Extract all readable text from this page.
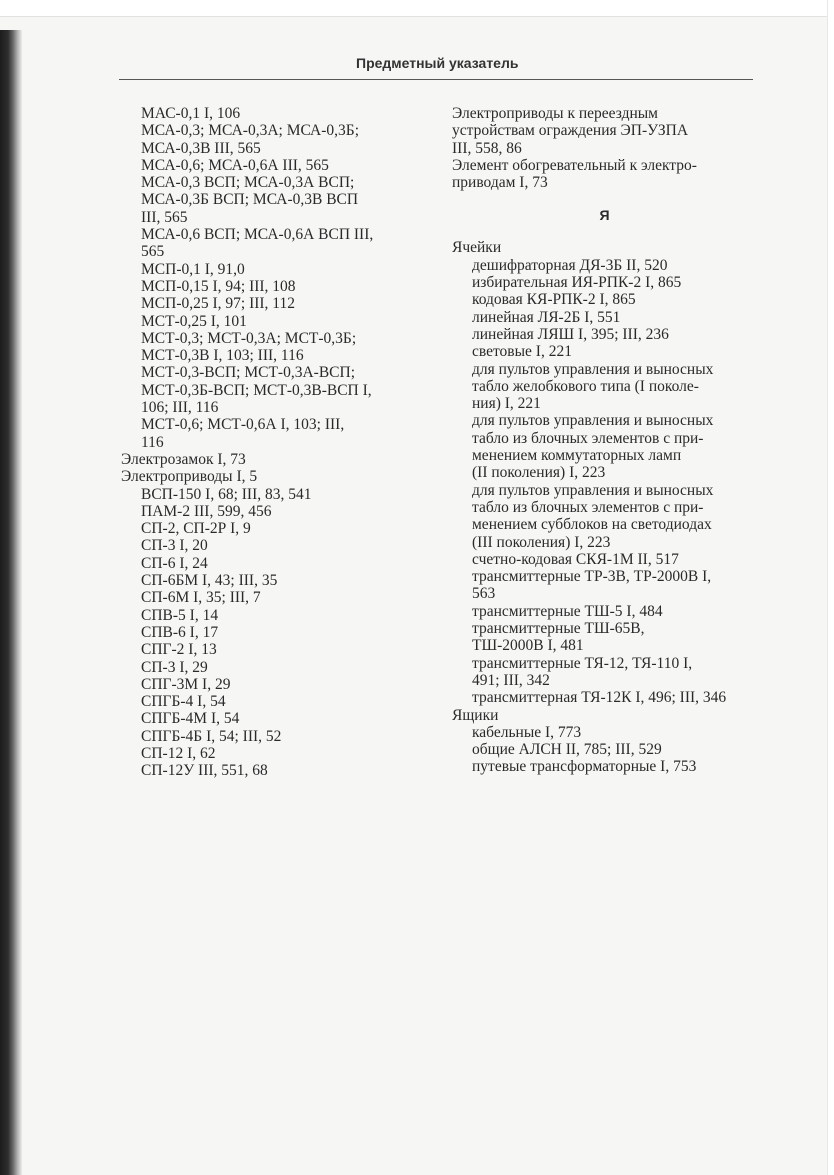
Предметный указатель
МАС-0,1 I, 106
МСА-0,3; МСА-0,3А; МСА-0,3Б;
МСА-0,3В III, 565
МСА-0,6; МСА-0,6А III, 565
МСА-0,3 ВСП; МСА-0,3А ВСП;
МСА-0,3Б ВСП; МСА-0,3В ВСП
III, 565
МСА-0,6 ВСП; МСА-0,6А ВСП III,
565
МСП-0,1 I, 91,0
МСП-0,15 I, 94; III, 108
МСП-0,25 I, 97; III, 112
МСТ-0,25 I, 101
МСТ-0,3; МСТ-0,3А; МСТ-0,3Б;
МСТ-0,3В I, 103; III, 116
МСТ-0,3-ВСП; МСТ-0,3А-ВСП;
МСТ-0,3Б-ВСП; МСТ-0,3В-ВСП I,
106; III, 116
МСТ-0,6; МСТ-0,6А I, 103; III,
116
Электрозамок I, 73
Электроприводы I, 5
ВСП-150 I, 68; III, 83, 541
ПАМ-2 III, 599, 456
СП-2, СП-2Р I, 9
СП-3 I, 20
СП-6 I, 24
СП-6БМ I, 43; III, 35
СП-6М I, 35; III, 7
СПВ-5 I, 14
СПВ-6 I, 17
СПГ-2 I, 13
СП-3 I, 29
СПГ-3М I, 29
СПГБ-4 I, 54
СПГБ-4М I, 54
СПГБ-4Б I, 54; III, 52
СП-12 I, 62
СП-12У III, 551, 68
Электроприводы к переездным
устройствам ограждения ЭП-УЗПА
III, 558, 86
Элемент обогревательный к электро-
приводам I, 73
Я
Ячейки
дешифраторная ДЯ-3Б II, 520
избирательная ИЯ-РПК-2 I, 865
кодовая КЯ-РПК-2 I, 865
линейная ЛЯ-2Б I, 551
линейная ЛЯШ I, 395; III, 236
световые I, 221
для пультов управления и выносных
табло желобкового типа (I поколе-
ния) I, 221
для пультов управления и выносных
табло из блочных элементов с при-
менением коммутаторных ламп
(II поколения) I, 223
для пультов управления и выносных
табло из блочных элементов с при-
менением субблоков на светодиодах
(III поколения) I, 223
счетно-кодовая СКЯ-1М II, 517
трансмиттерные ТР-3В, ТР-2000В I,
563
трансмиттерные ТШ-5 I, 484
трансмиттерные ТШ-65В,
ТШ-2000В I, 481
трансмиттерные ТЯ-12, ТЯ-110 I,
491; III, 342
трансмиттерная ТЯ-12К I, 496; III, 346
Ящики
кабельные I, 773
общие АЛСН II, 785; III, 529
путевые трансформаторные I, 753
